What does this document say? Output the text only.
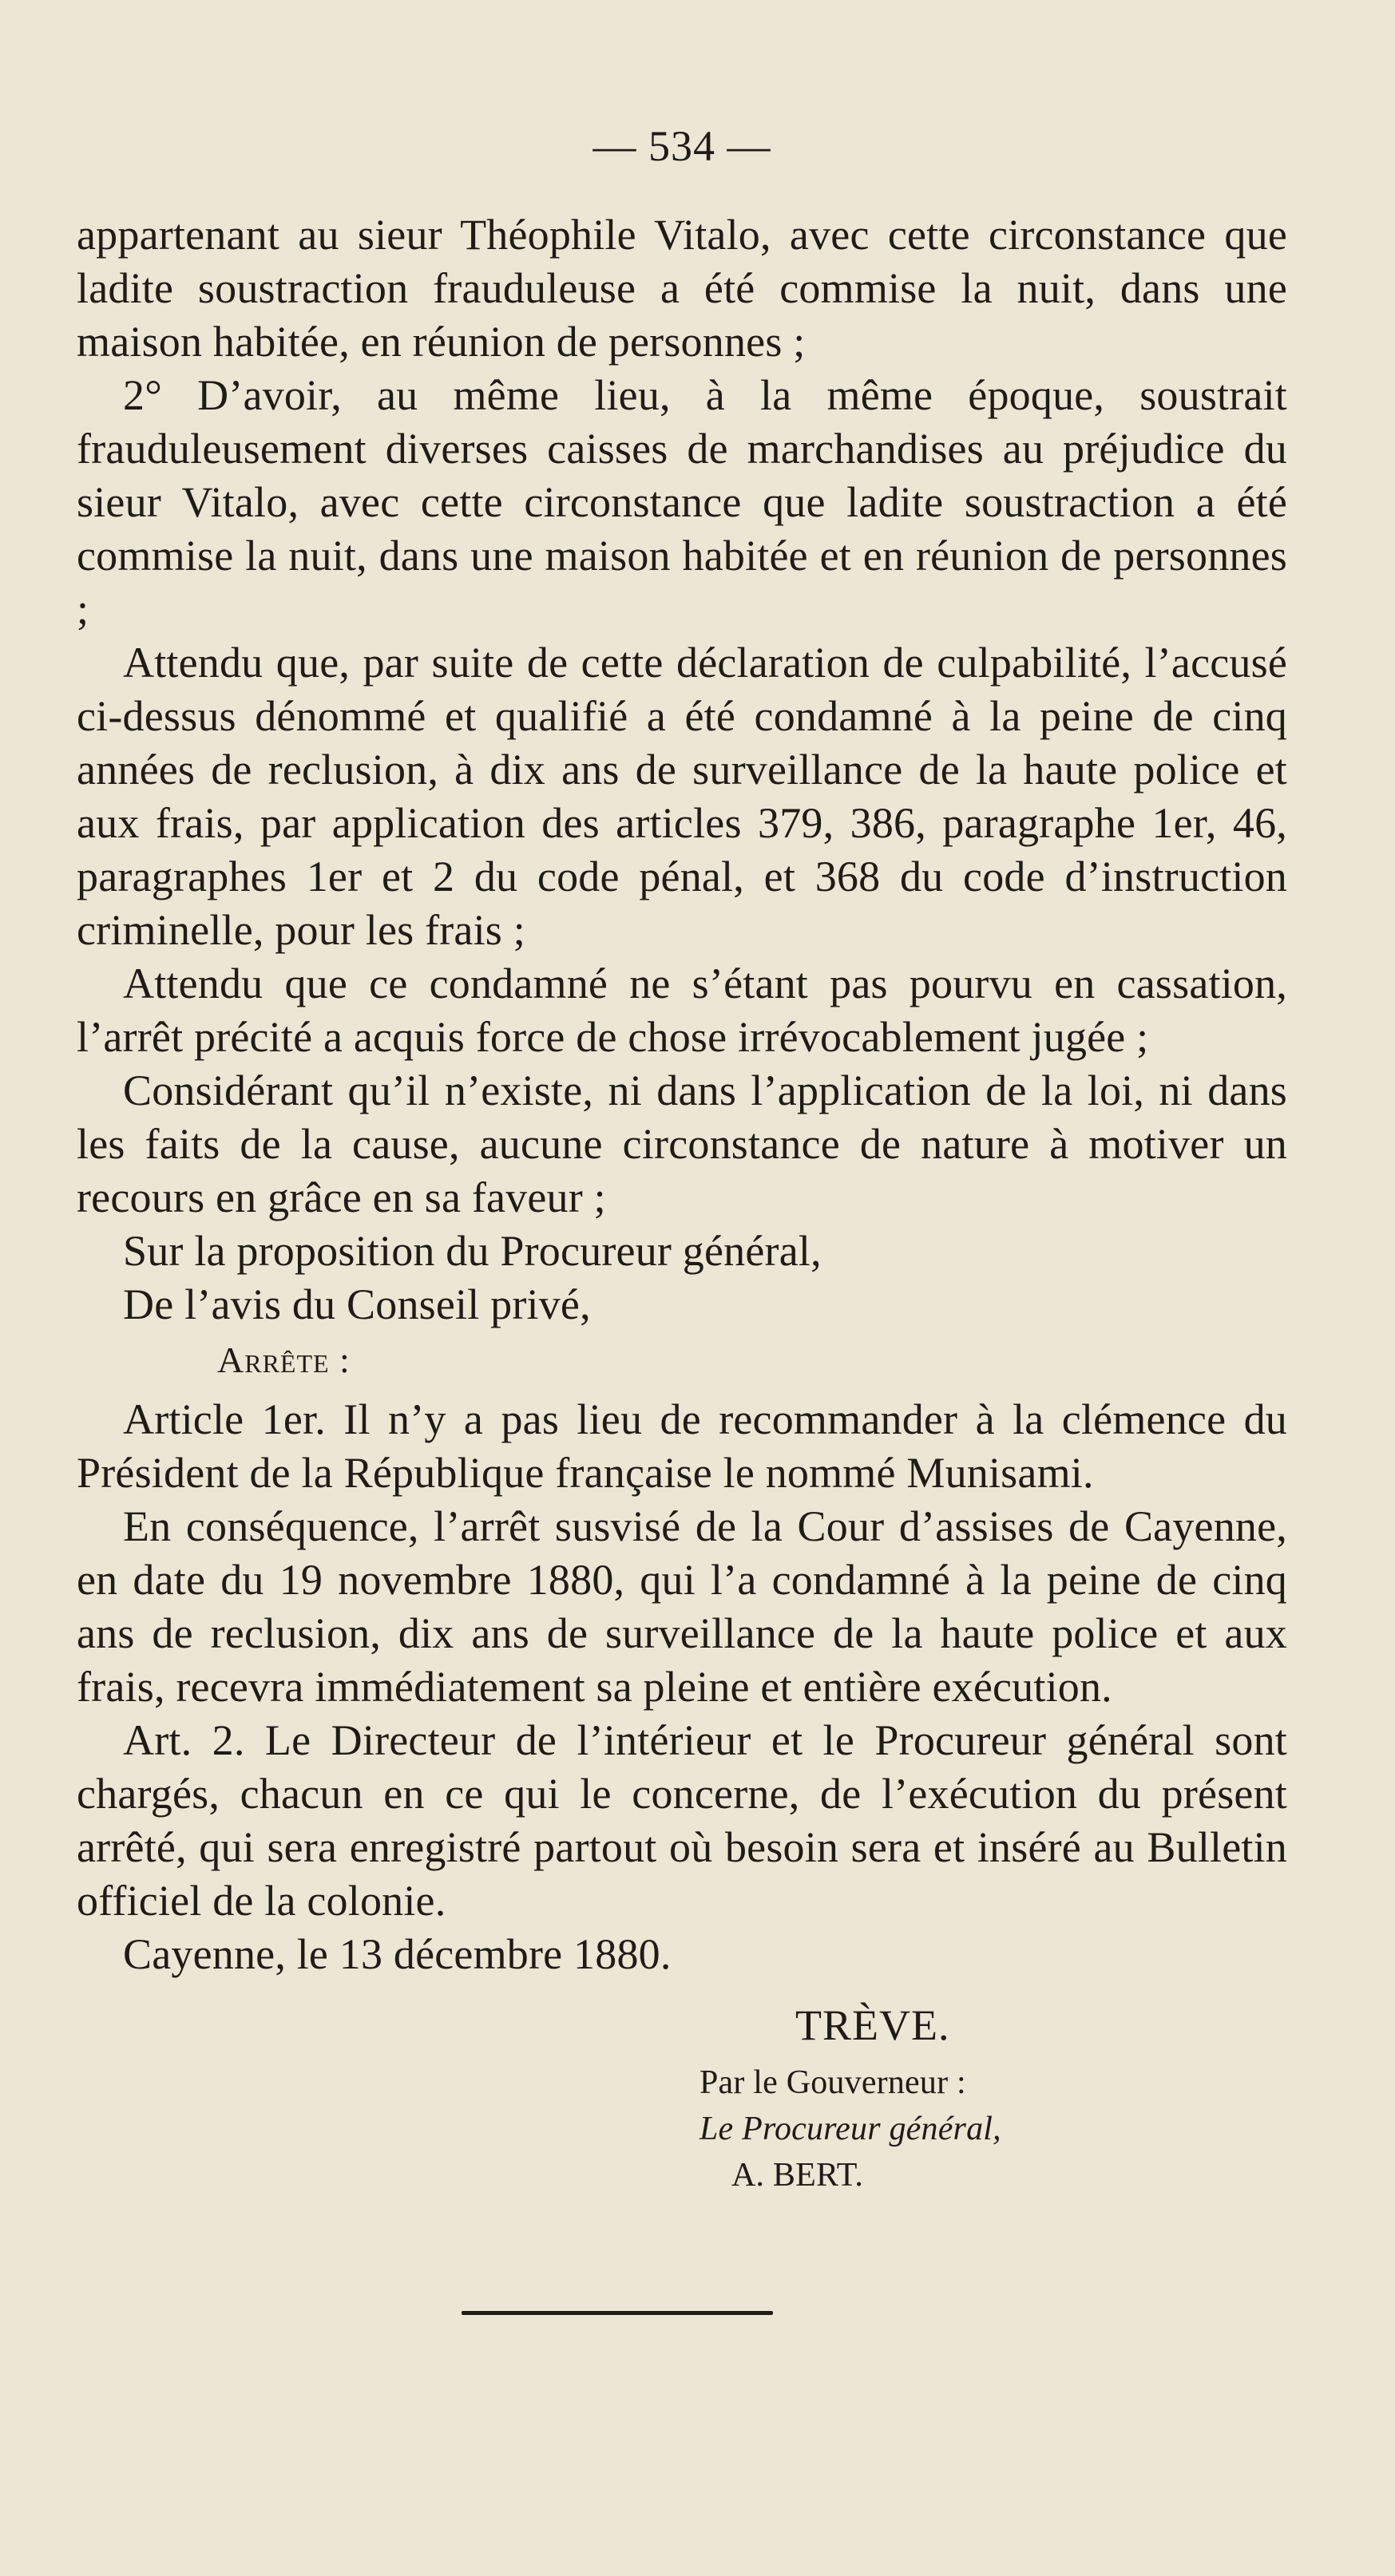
— 534 —

appartenant au sieur Théophile Vitalo, avec cette circonstance que ladite soustraction frauduleuse a été commise la nuit, dans une maison habitée, en réunion de personnes ;

2° D’avoir, au même lieu, à la même époque, soustrait frauduleusement diverses caisses de marchandises au préjudice du sieur Vitalo, avec cette circonstance que ladite soustraction a été commise la nuit, dans une maison habitée et en réunion de personnes ;

Attendu que, par suite de cette déclaration de culpabilité, l’accusé ci-dessus dénommé et qualifié a été condamné à la peine de cinq années de reclusion, à dix ans de surveillance de la haute police et aux frais, par application des articles 379, 386, paragraphe 1er, 46, paragraphes 1er et 2 du code pénal, et 368 du code d’instruction criminelle, pour les frais ;

Attendu que ce condamné ne s’étant pas pourvu en cassation, l’arrêt précité a acquis force de chose irrévocablement jugée ;

Considérant qu’il n’existe, ni dans l’application de la loi, ni dans les faits de la cause, aucune circonstance de nature à motiver un recours en grâce en sa faveur ;

Sur la proposition du Procureur général,

De l’avis du Conseil privé,

Arrête :

Article 1er. Il n’y a pas lieu de recommander à la clémence du Président de la République française le nommé Munisami.

En conséquence, l’arrêt susvisé de la Cour d’assises de Cayenne, en date du 19 novembre 1880, qui l’a condamné à la peine de cinq ans de reclusion, dix ans de surveillance de la haute police et aux frais, recevra immédiatement sa pleine et entière exécution.

Art. 2. Le Directeur de l’intérieur et le Procureur général sont chargés, chacun en ce qui le concerne, de l’exécution du présent arrêté, qui sera enregistré partout où besoin sera et inséré au Bulletin officiel de la colonie.

Cayenne, le 13 décembre 1880.

TRÈVE.
Par le Gouverneur :
Le Procureur général,
A. BERT.
